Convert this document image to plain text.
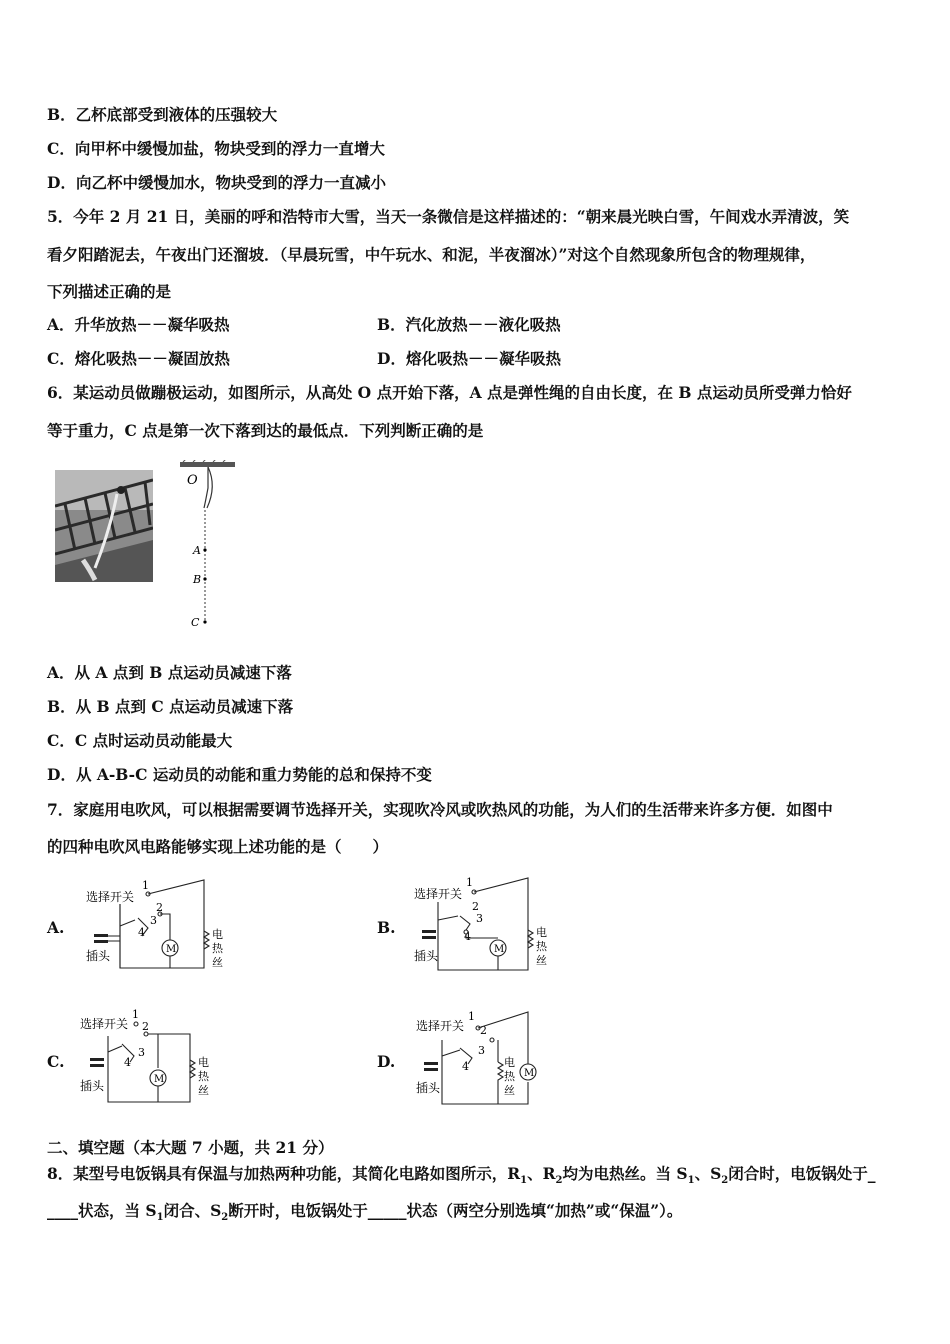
B．乙杯底部受到液体的压强较大
C．向甲杯中缓慢加盐，物块受到的浮力一直增大
D．向乙杯中缓慢加水，物块受到的浮力一直减小
5．今年 2 月 21 日，美丽的呼和浩特市大雪，当天一条微信是这样描述的：“朝来晨光映白雪，午间戏水弄清波，笑
看夕阳踏泥去，午夜出门还溜坡．（早晨玩雪，中午玩水、和泥，半夜溜冰）”对这个自然现象所包含的物理规律，
下列描述正确的是
A．升华放热－－凝华吸热	B．汽化放热－－液化吸热
C．熔化吸热－－凝固放热	D．熔化吸热－－凝华吸热
6．某运动员做蹦极运动，如图所示，从高处 O 点开始下落，A 点是弹性绳的自由长度，在 B 点运动员所受弹力恰好
等于重力，C 点是第一次下落到达的最低点．下列判断正确的是
O
A
B
C
A．从 A 点到 B 点运动员减速下落
B．从 B 点到 C 点运动员减速下落
C．C 点时运动员动能最大
D．从 A-B-C 运动员的动能和重力势能的总和保持不变
7．家庭用电吹风，可以根据需要调节选择开关，实现吹冷风或吹热风的功能，为人们的生活带来许多方便．如图中
的四种电吹风电路能够实现上述功能的是（　　）
A.
选择开关
1
2
3
4
M
插头
电
热
丝
B.
选择开关
1
2
3
4
M
插头
电
热
丝
C.
选择开关
1
2
3
4
M
插头
电
热
丝
D.
选择开关
1
2
3
4
M
插头
电
热
丝
二、填空题（本大题 7 小题，共 21 分）
8．某型号电饭锅具有保温与加热两种功能，其简化电路如图所示，$R_1$、$R_2$均为电热丝。当 $S_1$、$S_2$闭合时，电饭锅处于_
____状态，当 $S_1$闭合、$S_2$断开时，电饭锅处于_____状态（两空分别选填“加热”或“保温”）。
